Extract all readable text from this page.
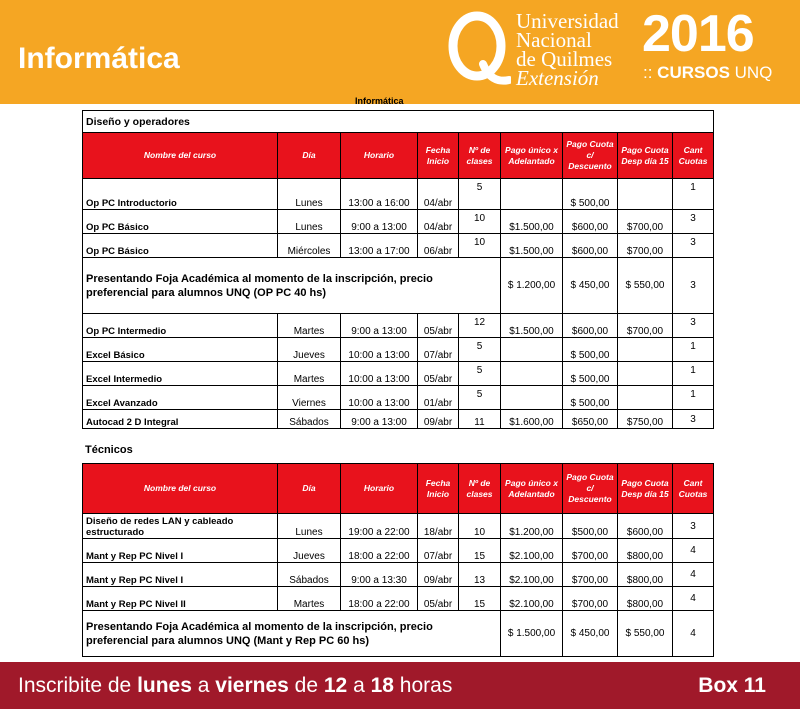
Informática
Universidad
Nacional
de Quilmes
Extensión
2016
:: CURSOS UNQ
Informática
Diseño y operadores								
Nombre del curso	Día	Horario	Fecha Inicio	Nº de clases	Pago único x Adelantado	Pago Cuota c/ Descuento	Pago Cuota Desp día 15	Cant Cuotas
Op PC Introductorio	Lunes	13:00 a 16:00	04/abr	5		$ 500,00		1
Op PC Básico	Lunes	9:00 a 13:00	04/abr	10	$1.500,00	$600,00	$700,00	3
Op PC Básico	Miércoles	13:00 a 17:00	06/abr	10	$1.500,00	$600,00	$700,00	3
Presentando Foja Académica al momento de la inscripción, precio preferencial para alumnos UNQ (OP PC 40 hs)					$ 1.200,00	$ 450,00	$ 550,00	3
Op PC Intermedio	Martes	9:00 a 13:00	05/abr	12	$1.500,00	$600,00	$700,00	3
Excel Básico	Jueves	10:00 a 13:00	07/abr	5		$ 500,00		1
Excel Intermedio	Martes	10:00 a 13:00	05/abr	5		$ 500,00		1
Excel Avanzado	Viernes	10:00 a 13:00	01/abr	5		$ 500,00		1
Autocad 2 D Integral	Sábados	9:00 a 13:00	09/abr	11	$1.600,00	$650,00	$750,00	3
Técnicos
Nombre del curso	Día	Horario	Fecha Inicio	Nº de clases	Pago único x Adelantado	Pago Cuota c/ Descuento	Pago Cuota Desp día 15	Cant Cuotas
Diseño de redes LAN y cableado estructurado	Lunes	19:00 a 22:00	18/abr	10	$1.200,00	$500,00	$600,00	3
Mant y Rep PC Nivel I	Jueves	18:00 a 22:00	07/abr	15	$2.100,00	$700,00	$800,00	4
Mant y Rep PC Nivel I	Sábados	9:00 a 13:30	09/abr	13	$2.100,00	$700,00	$800,00	4
Mant y Rep PC Nivel II	Martes	18:00 a 22:00	05/abr	15	$2.100,00	$700,00	$800,00	4
Presentando Foja Académica al momento de la inscripción, precio preferencial para alumnos UNQ (Mant y Rep PC 60 hs)					$ 1.500,00	$ 450,00	$ 550,00	4
Inscribite de lunes a viernes de 12 a 18 horas	Box 11
